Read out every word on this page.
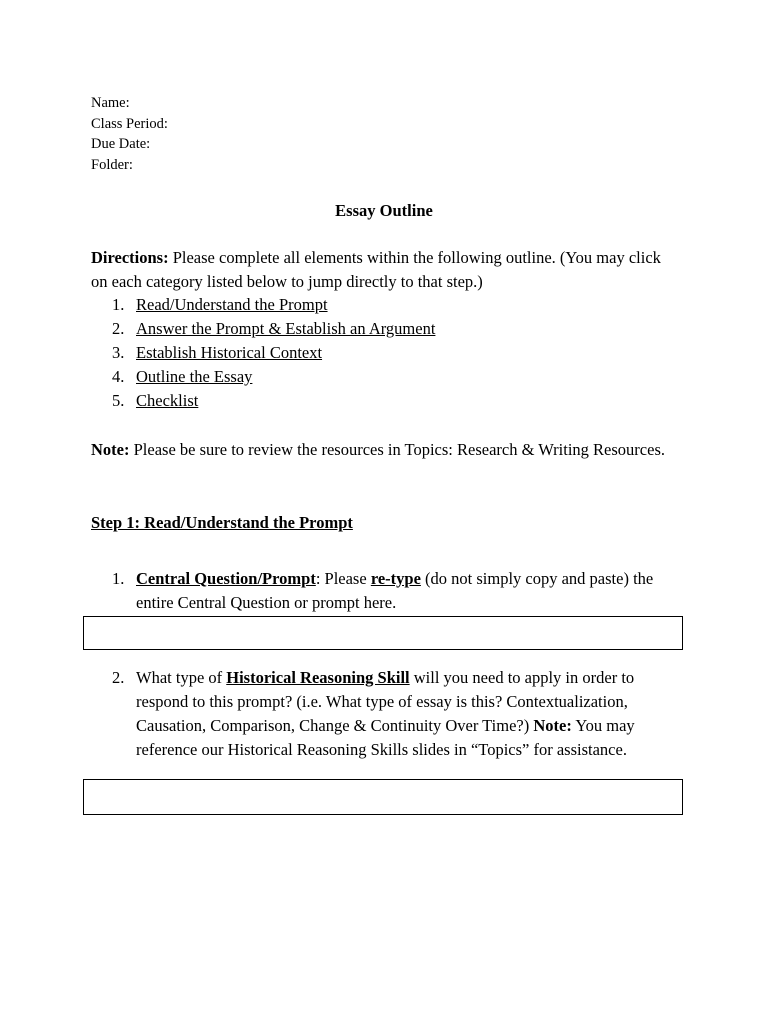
Name:
Class Period:
Due Date:
Folder:
Essay Outline
Directions: Please complete all elements within the following outline. (You may click on each category listed below to jump directly to that step.)
1. Read/Understand the Prompt
2. Answer the Prompt & Establish an Argument
3. Establish Historical Context
4. Outline the Essay
5. Checklist
Note: Please be sure to review the resources in Topics: Research & Writing Resources.
Step 1: Read/Understand the Prompt
1. Central Question/Prompt: Please re-type (do not simply copy and paste) the entire Central Question or prompt here.
2. What type of Historical Reasoning Skill will you need to apply in order to respond to this prompt? (i.e. What type of essay is this? Contextualization, Causation, Comparison, Change & Continuity Over Time?) Note: You may reference our Historical Reasoning Skills slides in “Topics” for assistance.
